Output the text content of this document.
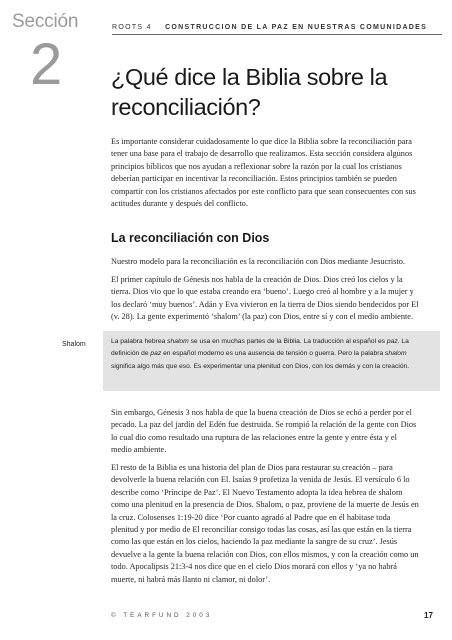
Sección
2
ROOTS 4 CONSTRUCCION DE LA PAZ EN NUESTRAS COMUNIDADES
¿Qué dice la Biblia sobre la reconciliación?

Es importante considerar cuidadosamente lo que dice la Biblia sobre la reconciliación para tener una base para el trabajo de desarrollo que realizamos. Esta sección considera algunos principios bíblicos que nos ayudan a reflexionar sobre la razón por la cual los cristianos deberían participar en incentivar la reconciliación. Estos principios también se pueden compartir con los cristianos afectados por este conflicto para que sean consecuentes con sus actitudes durante y después del conflicto.

La reconciliación con Dios

Nuestro modelo para la reconciliación es la reconciliación con Dios mediante Jesucristo.

El primer capítulo de Génesis nos habla de la creación de Dios. Dios creó los cielos y la tierra. Dios vio que lo que estaba creando era ‘bueno’. Luego creó al hombre y a la mujer y los declaró ‘muy buenos’. Adán y Eva vivieron en la tierra de Dios siendo bendecidos por El (v. 28). La gente experimentó ‘shalom’ (la paz) con Dios, entre sí y con el medio ambiente.

Shalom	La palabra hebrea shalom se usa en muchas partes de la Biblia. La traducción al español es paz. La definición de paz en español moderno es una ausencia de tensión o guerra. Pero la palabra shalom significa algo más que eso. Es experimentar una plenitud con Dios, con los demás y con la creación.

Sin embargo, Génesis 3 nos habla de que la buena creación de Dios se echó a perder por el pecado. La paz del jardín del Edén fue destruida. Se rompió la relación de la gente con Dios lo cual dio como resultado una ruptura de las relaciones entre la gente y entre ésta y el medio ambiente.

El resto de la Biblia es una historia del plan de Dios para restaurar su creación – para devolverle la buena relación con El. Isaías 9 profetiza la venida de Jesús. El versículo 6 lo describe como ‘Príncipe de Paz’. El Nuevo Testamento adopta la idea hebrea de shalom como una plenitud en la presencia de Dios. Shalom, o paz, proviene de la muerte de Jesús en la cruz. Colosenses 1:19-20 dice ‘Por cuanto agradó al Padre que en él habitase toda plenitud y por medio de El reconciliar consigo todas las cosas, así las que están en la tierra como las que están en los cielos, haciendo la paz mediante la sangre de su cruz’. Jesús devuelve a la gente la buena relación con Dios, con ellos mismos, y con la creación como un todo. Apocalipsis 21:3-4 nos dice que en el cielo Dios morará con ellos y ‘ya no habrá muerte, ni habrá más llanto ni clamor, ni dolor’.

© TEARFUND 2003	17
